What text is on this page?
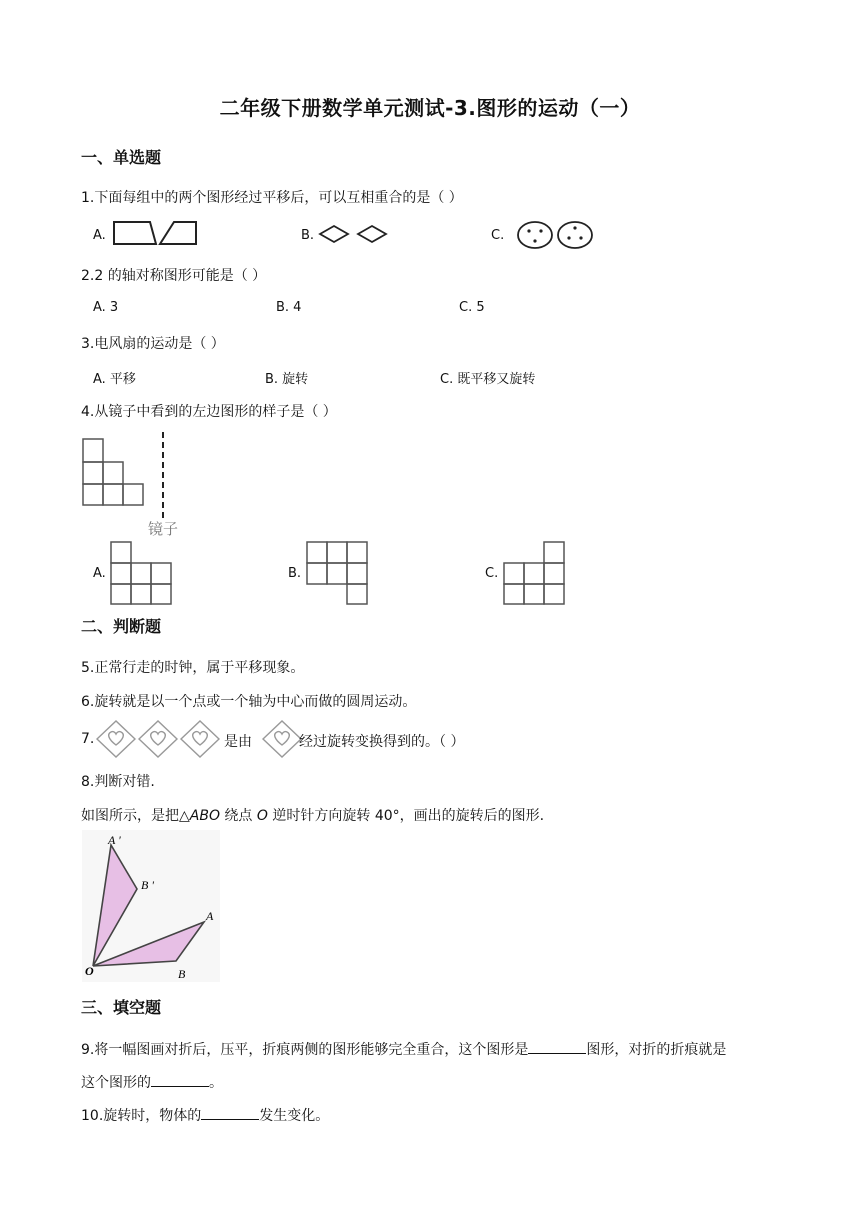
二年级下册数学单元测试-3.图形的运动（一）
一、单选题
1.下面每组中的两个图形经过平移后，可以互相重合的是（ ）
A.	B.	C.
2.2 的轴对称图形可能是（ ）
A. 3	B. 4	C. 5
3.电风扇的运动是（ ）
A. 平移	B. 旋转	C. 既平移又旋转
4.从镜子中看到的左边图形的样子是（ ）
镜子
A.	B.	C.
二、判断题
5.正常行走的时钟，属于平移现象。
6.旋转就是以一个点或一个轴为中心而做的圆周运动。
7.	是由	经过旋转变换得到的。（ ）
8.判断对错.
如图所示，是把△ABO 绕点 O 逆时针方向旋转 40°，画出的旋转后的图形.
A '
B '
A
B
O
三、填空题
9.将一幅图画对折后，压平，折痕两侧的图形能够完全重合，这个图形是	图形，对折的折痕就是
这个图形的	。
10.旋转时，物体的	发生变化。
